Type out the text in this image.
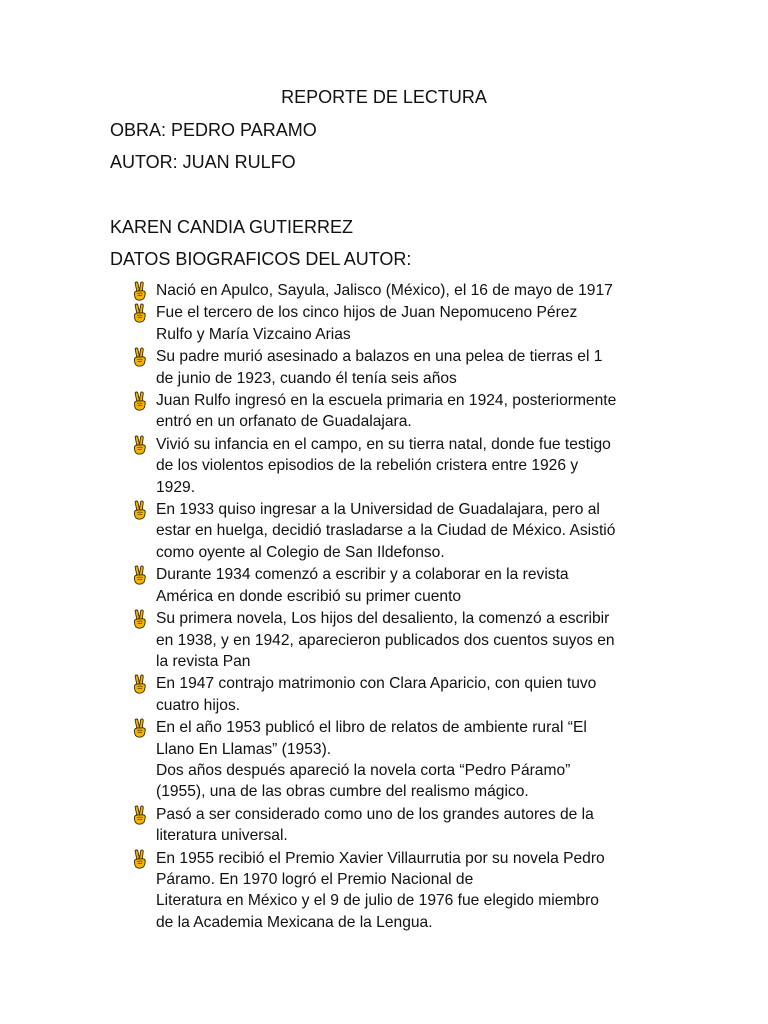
REPORTE DE LECTURA
OBRA: PEDRO PARAMO
AUTOR: JUAN RULFO
KAREN CANDIA GUTIERREZ
DATOS BIOGRAFICOS DEL AUTOR:
Nació en Apulco, Sayula, Jalisco (México), el 16 de mayo de 1917
Fue el tercero de los cinco hijos de Juan Nepomuceno Pérez
Rulfo y María Vizcaino Arias
Su padre murió asesinado a balazos en una pelea de tierras el 1
de junio de 1923, cuando él tenía seis años
Juan Rulfo ingresó en la escuela primaria en 1924, posteriormente
entró en un orfanato de Guadalajara.
Vivió su infancia en el campo, en su tierra natal, donde fue testigo
de los violentos episodios de la rebelión cristera entre 1926 y
1929.
En 1933 quiso ingresar a la Universidad de Guadalajara, pero al
estar en huelga, decidió trasladarse a la Ciudad de México. Asistió
como oyente al Colegio de San Ildefonso.
Durante 1934 comenzó a escribir y a colaborar en la revista
América en donde escribió su primer cuento
Su primera novela, Los hijos del desaliento, la comenzó a escribir
en 1938, y en 1942, aparecieron publicados dos cuentos suyos en
la revista Pan
En 1947 contrajo matrimonio con Clara Aparicio, con quien tuvo
cuatro hijos.
En el año 1953 publicó el libro de relatos de ambiente rural “El
Llano En Llamas” (1953).
Dos años después apareció la novela corta “Pedro Páramo”
(1955), una de las obras cumbre del realismo mágico.
Pasó a ser considerado como uno de los grandes autores de la
literatura universal.
En 1955 recibió el Premio Xavier Villaurrutia por su novela Pedro
Páramo. En 1970 logró el Premio Nacional de
Literatura en México y el 9 de julio de 1976 fue elegido miembro
de la Academia Mexicana de la Lengua.
